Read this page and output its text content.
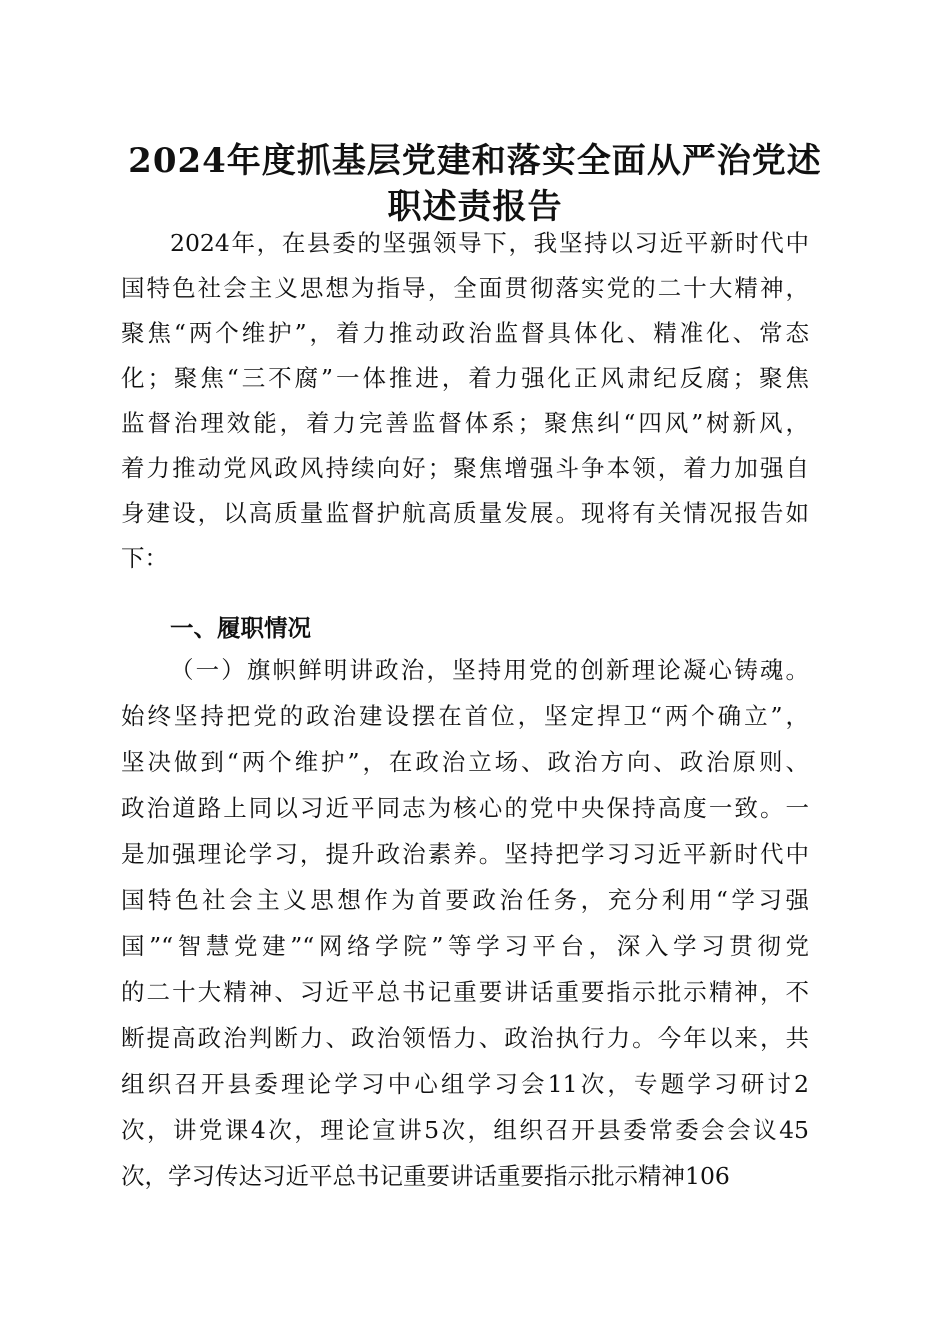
2024年度抓基层党建和落实全面从严治党述
职述责报告
2024年，在县委的坚强领导下，我坚持以习近平新时代中
国特色社会主义思想为指导，全面贯彻落实党的二十大精神，
聚焦“两个维护”，着力推动政治监督具体化、精准化、常态
化；聚焦“三不腐”一体推进，着力强化正风肃纪反腐；聚焦
监督治理效能，着力完善监督体系；聚焦纠“四风”树新风，
着力推动党风政风持续向好；聚焦增强斗争本领，着力加强自
身建设，以高质量监督护航高质量发展。现将有关情况报告如
下：
一、履职情况
（一）旗帜鲜明讲政治，坚持用党的创新理论凝心铸魂。
始终坚持把党的政治建设摆在首位，坚定捍卫“两个确立”，
坚决做到“两个维护”，在政治立场、政治方向、政治原则、
政治道路上同以习近平同志为核心的党中央保持高度一致。一
是加强理论学习，提升政治素养。坚持把学习习近平新时代中
国特色社会主义思想作为首要政治任务，充分利用“学习强
国”“智慧党建”“网络学院”等学习平台，深入学习贯彻党
的二十大精神、习近平总书记重要讲话重要指示批示精神，不
断提高政治判断力、政治领悟力、政治执行力。今年以来，共
组织召开县委理论学习中心组学习会11次，专题学习研讨2
次，讲党课4次，理论宣讲5次，组织召开县委常委会会议45
次，学习传达习近平总书记重要讲话重要指示批示精神106
